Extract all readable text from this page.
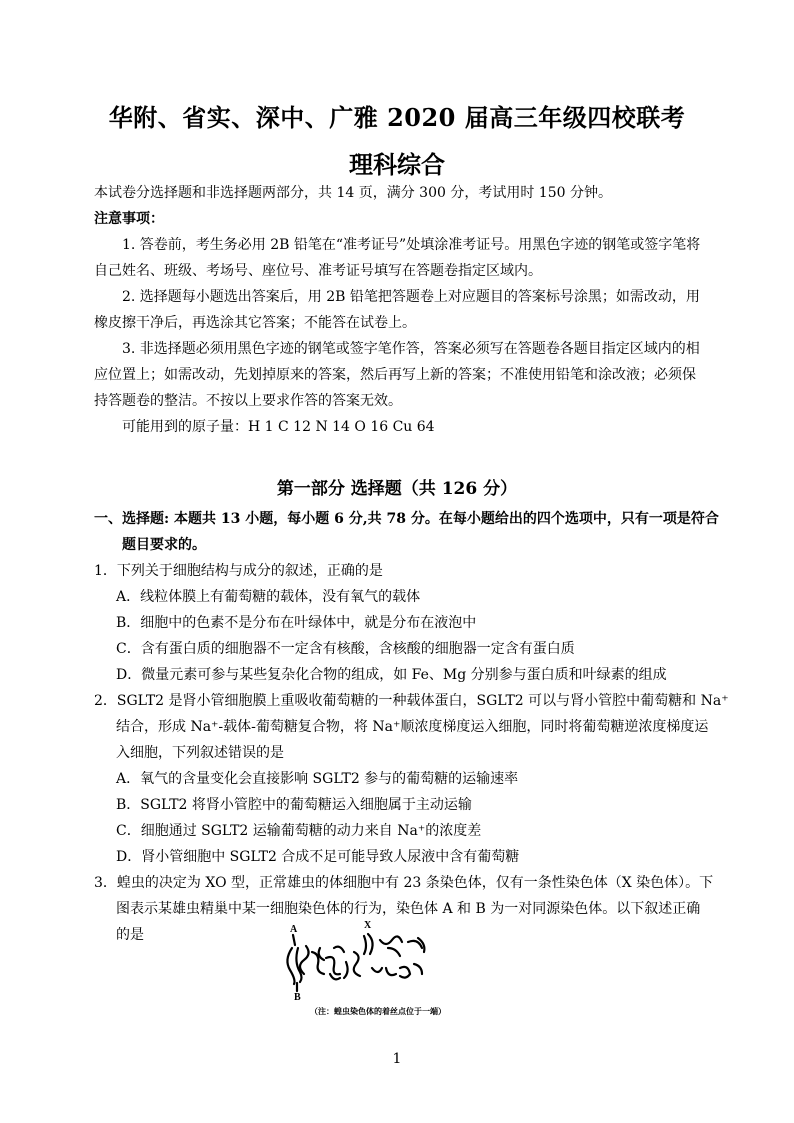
华附、省实、深中、广雅 2020 届高三年级四校联考
理科综合
本试卷分选择题和非选择题两部分，共 14 页，满分 300 分，考试用时 150 分钟。
注意事项：
1. 答卷前，考生务必用 2B 铅笔在“准考证号”处填涂准考证号。用黑色字迹的钢笔或签字笔将
自己姓名、班级、考场号、座位号、准考证号填写在答题卷指定区域内。
2. 选择题每小题选出答案后，用 2B 铅笔把答题卷上对应题目的答案标号涂黑；如需改动，用
橡皮擦干净后，再选涂其它答案；不能答在试卷上。
3. 非选择题必须用黑色字迹的钢笔或签字笔作答，答案必须写在答题卷各题目指定区域内的相
应位置上；如需改动，先划掉原来的答案，然后再写上新的答案；不准使用铅笔和涂改液；必须保
持答题卷的整洁。不按以上要求作答的答案无效。
可能用到的原子量：H 1 C 12 N 14 O 16 Cu 64
第一部分 选择题（共 126 分）
一、选择题: 本题共 13 小题，每小题 6 分,共 78 分。在每小题给出的四个选项中，只有一项是符合
题目要求的。
1．下列关于细胞结构与成分的叙述，正确的是
A．线粒体膜上有葡萄糖的载体，没有氧气的载体
B．细胞中的色素不是分布在叶绿体中，就是分布在液泡中
C．含有蛋白质的细胞器不一定含有核酸，含核酸的细胞器一定含有蛋白质
D．微量元素可参与某些复杂化合物的组成，如 Fe、Mg 分别参与蛋白质和叶绿素的组成
2．SGLT2 是肾小管细胞膜上重吸收葡萄糖的一种载体蛋白，SGLT2 可以与肾小管腔中葡萄糖和 Na⁺
结合，形成 Na⁺-载体-葡萄糖复合物，将 Na⁺顺浓度梯度运入细胞，同时将葡萄糖逆浓度梯度运
入细胞，下列叙述错误的是
A．氧气的含量变化会直接影响 SGLT2 参与的葡萄糖的运输速率
B．SGLT2 将肾小管腔中的葡萄糖运入细胞属于主动运输
C．细胞通过 SGLT2 运输葡萄糖的动力来自 Na⁺的浓度差
D．肾小管细胞中 SGLT2 合成不足可能导致人尿液中含有葡萄糖
3．蝗虫的决定为 XO 型，正常雄虫的体细胞中有 23 条染色体，仅有一条性染色体（X 染色体）。下
图表示某雄虫精巢中某一细胞染色体的行为，染色体 A 和 B 为一对同源染色体。以下叙述正确
的是	A	X
B
（注：蝗虫染色体的着丝点位于一端）
1
